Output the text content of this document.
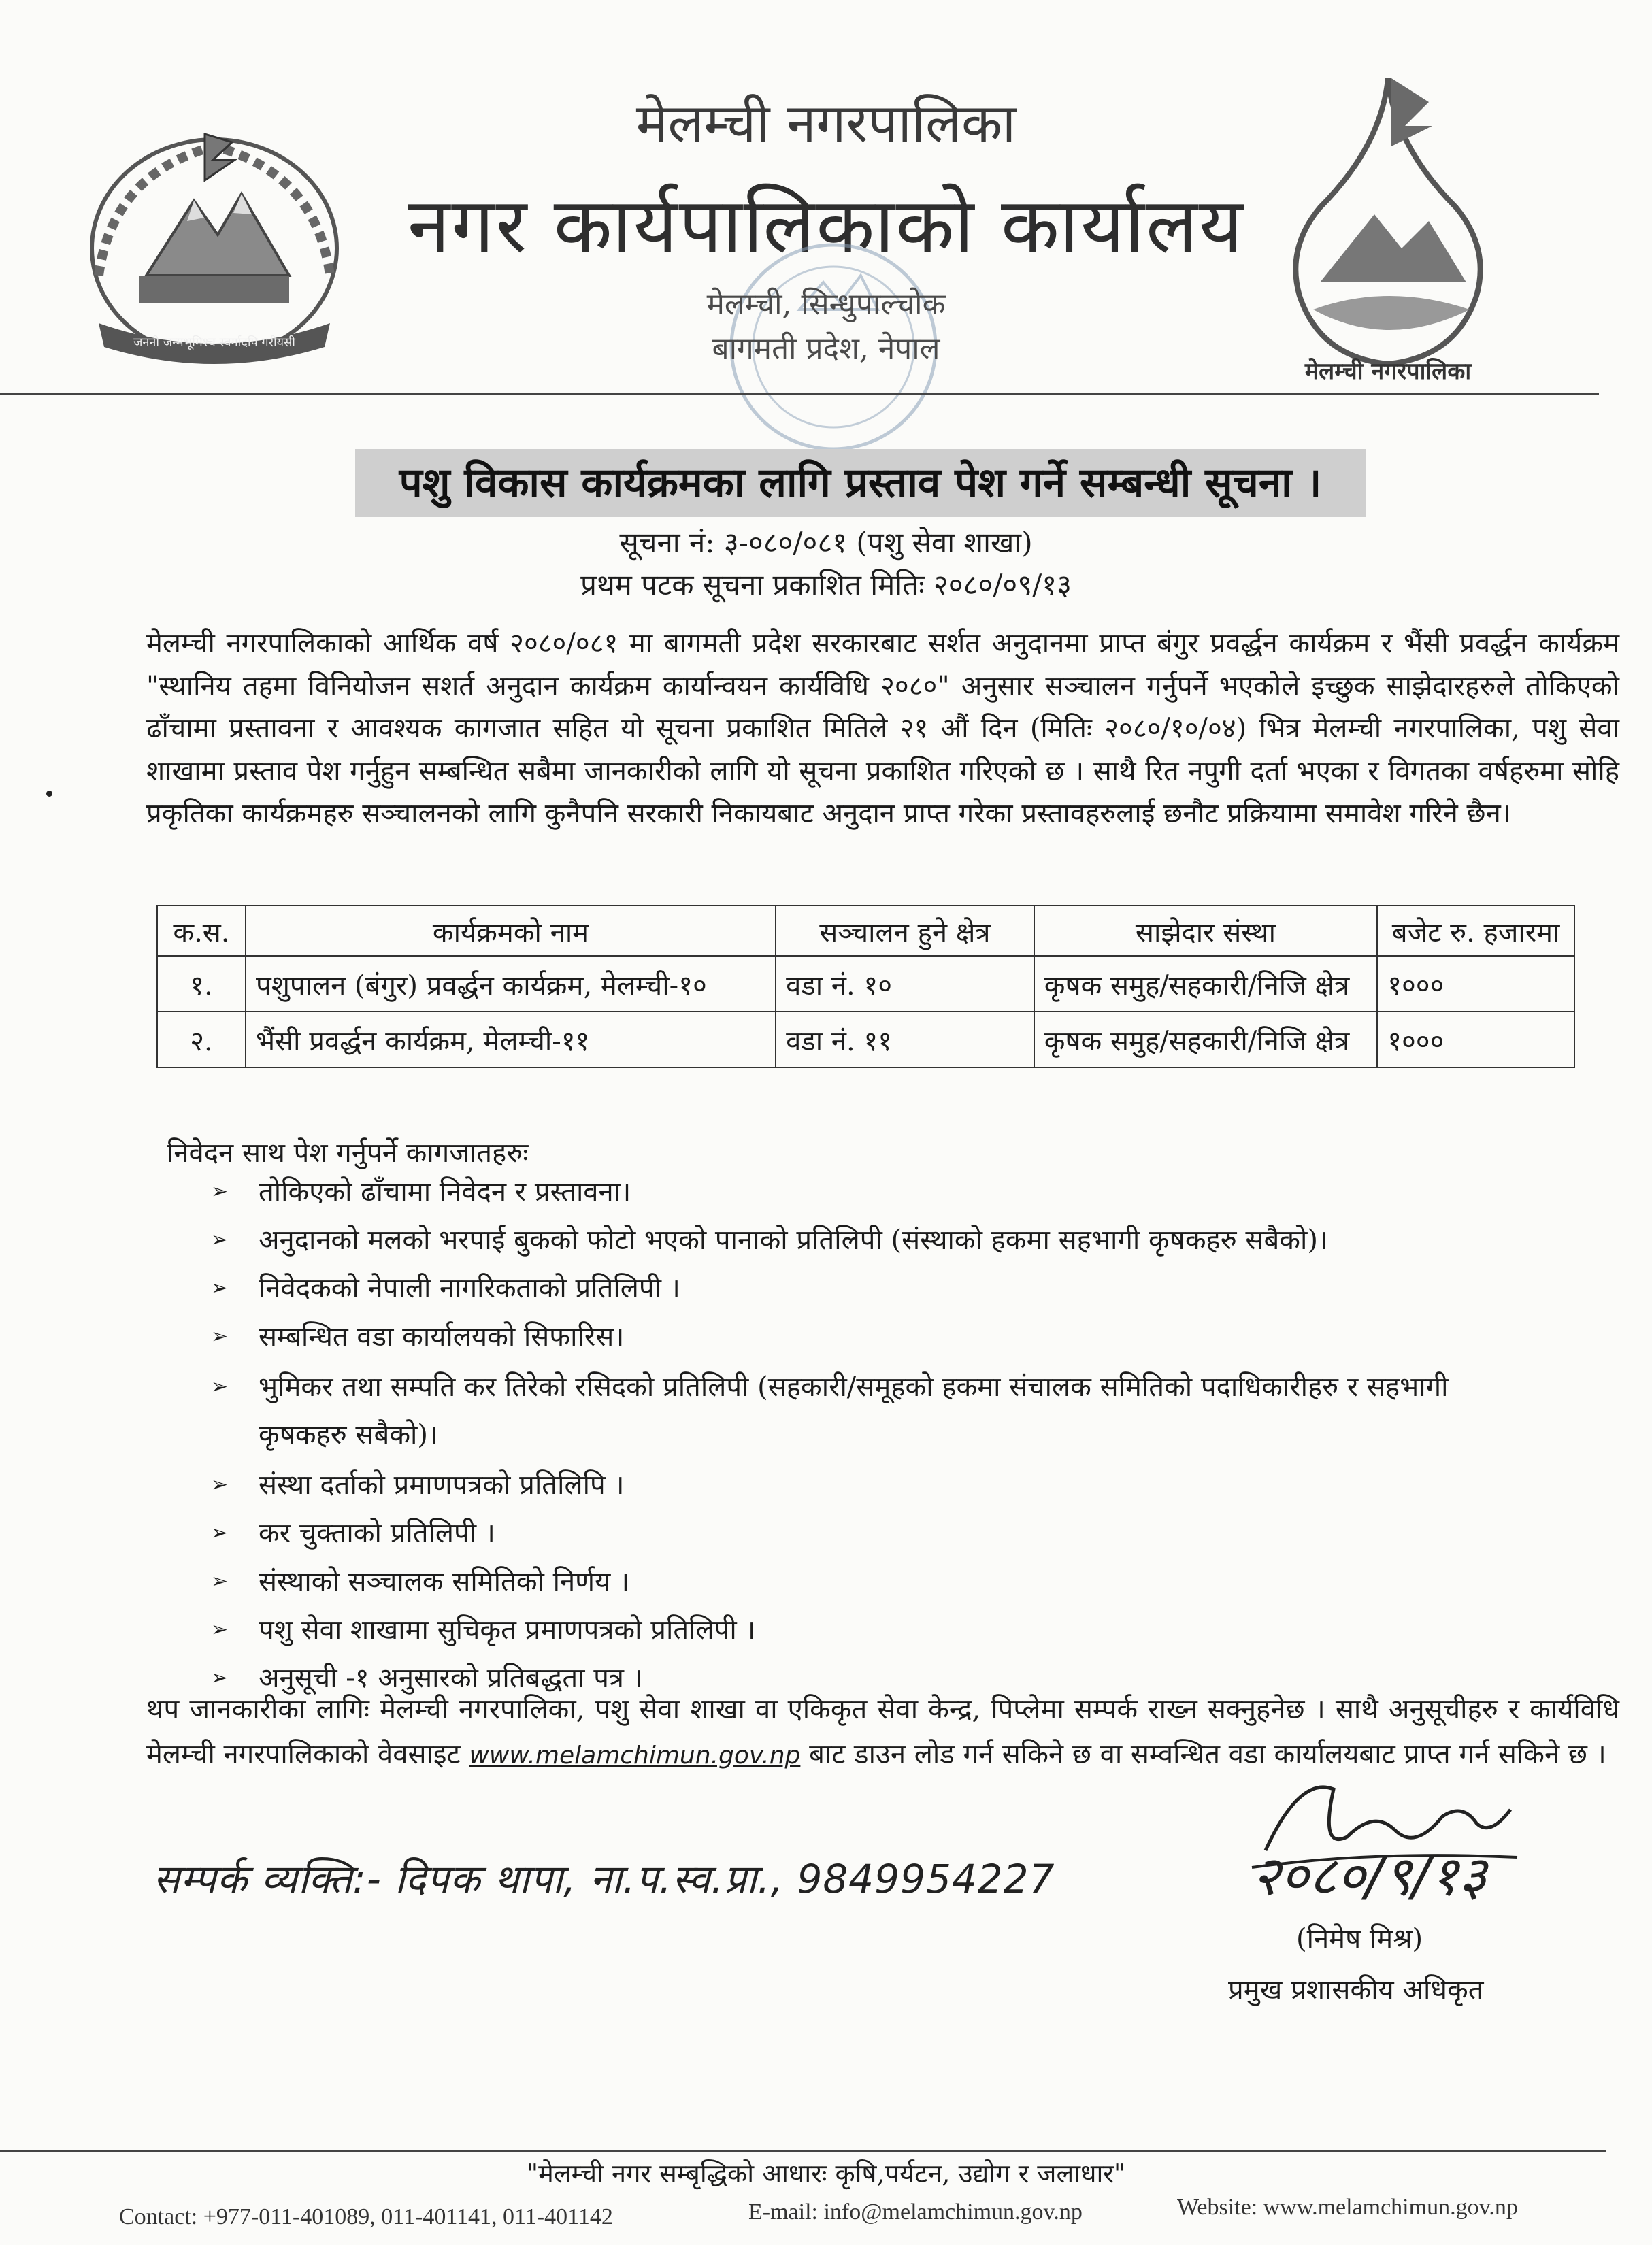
जननी जन्मभूमिश्च स्वर्गादपि गरीयसी
मेलम्ची नगरपालिका
नगर कार्यपालिकाको कार्यालय
मेलम्ची, सिन्धुपाल्चोक
बागमती प्रदेश, नेपाल
मेलम्ची नगरपालिका
पशु विकास कार्यक्रमका लागि प्रस्ताव पेश गर्ने सम्बन्धी सूचना ।
सूचना नं: ३-०८०/०८१ (पशु सेवा शाखा)
प्रथम पटक सूचना प्रकाशित मितिः २०८०/०९/१३
मेलम्ची नगरपालिकाको आर्थिक वर्ष २०८०/०८१ मा बागमती प्रदेश सरकारबाट सर्शत अनुदानमा प्राप्त बंगुर प्रवर्द्धन कार्यक्रम र भैंसी प्रवर्द्धन कार्यक्रम "स्थानिय तहमा विनियोजन सशर्त अनुदान कार्यक्रम कार्यान्वयन कार्यविधि २०८०" अनुसार सञ्चालन गर्नुपर्ने भएकोले इच्छुक साझेदारहरुले तोकिएको ढाँचामा प्रस्तावना र आवश्यक कागजात सहित यो सूचना प्रकाशित मितिले २१ औं दिन (मितिः २०८०/१०/०४) भित्र मेलम्ची नगरपालिका, पशु सेवा शाखामा प्रस्ताव पेश गर्नुहुन सम्बन्धित सबैमा जानकारीको लागि यो सूचना प्रकाशित गरिएको छ । साथै रित नपुगी दर्ता भएका र विगतका वर्षहरुमा सोहि प्रकृतिका कार्यक्रमहरु सञ्चालनको लागि कुनैपनि सरकारी निकायबाट अनुदान प्राप्त गरेका प्रस्तावहरुलाई छनौट प्रक्रियामा समावेश गरिने छैन।
क.स.	कार्यक्रमको नाम	सञ्चालन हुने क्षेत्र	साझेदार संस्था	बजेट रु. हजारमा
१.	पशुपालन (बंगुर) प्रवर्द्धन कार्यक्रम, मेलम्ची-१०	वडा नं. १०	कृषक समुह/सहकारी/निजि क्षेत्र	१०००
२.	भैंसी प्रवर्द्धन कार्यक्रम, मेलम्ची-११	वडा नं. ११	कृषक समुह/सहकारी/निजि क्षेत्र	१०००
निवेदन साथ पेश गर्नुपर्ने कागजातहरुः
➢ तोकिएको ढाँचामा निवेदन र प्रस्तावना।
➢ अनुदानको मलको भरपाई बुकको फोटो भएको पानाको प्रतिलिपी (संस्थाको हकमा सहभागी कृषकहरु सबैको)।
➢ निवेदकको नेपाली नागरिकताको प्रतिलिपी ।
➢ सम्बन्धित वडा कार्यालयको सिफारिस।
➢ भुमिकर तथा सम्पति कर तिरेको रसिदको प्रतिलिपी (सहकारी/समूहको हकमा संचालक समितिको पदाधिकारीहरु र सहभागी कृषकहरु सबैको)।
➢ संस्था दर्ताको प्रमाणपत्रको प्रतिलिपि ।
➢ कर चुक्ताको प्रतिलिपी ।
➢ संस्थाको सञ्चालक समितिको निर्णय ।
➢ पशु सेवा शाखामा सुचिकृत प्रमाणपत्रको प्रतिलिपी ।
➢ अनुसूची -१ अनुसारको प्रतिबद्धता पत्र ।
थप जानकारीका लागिः मेलम्ची नगरपालिका, पशु सेवा शाखा वा एकिकृत सेवा केन्द्र, पिप्लेमा सम्पर्क राख्न सक्नुहनेछ । साथै अनुसूचीहरु र कार्यविधि मेलम्ची नगरपालिकाको वेवसाइट www.melamchimun.gov.np बाट डाउन लोड गर्न सकिने छ वा सम्वन्धित वडा कार्यालयबाट प्राप्त गर्न सकिने छ ।
सम्पर्क व्यक्ति:- दिपक थापा, ना.प.स्व.प्रा., 9849954227	२०८०/९/१३
(निमेष मिश्र)
प्रमुख प्रशासकीय अधिकृत
"मेलम्ची नगर सम्बृद्धिको आधारः कृषि,पर्यटन, उद्योग र जलाधार"
Contact: +977-011-401089, 011-401141, 011-401142	E-mail: info@melamchimun.gov.np	Website: www.melamchimun.gov.np
